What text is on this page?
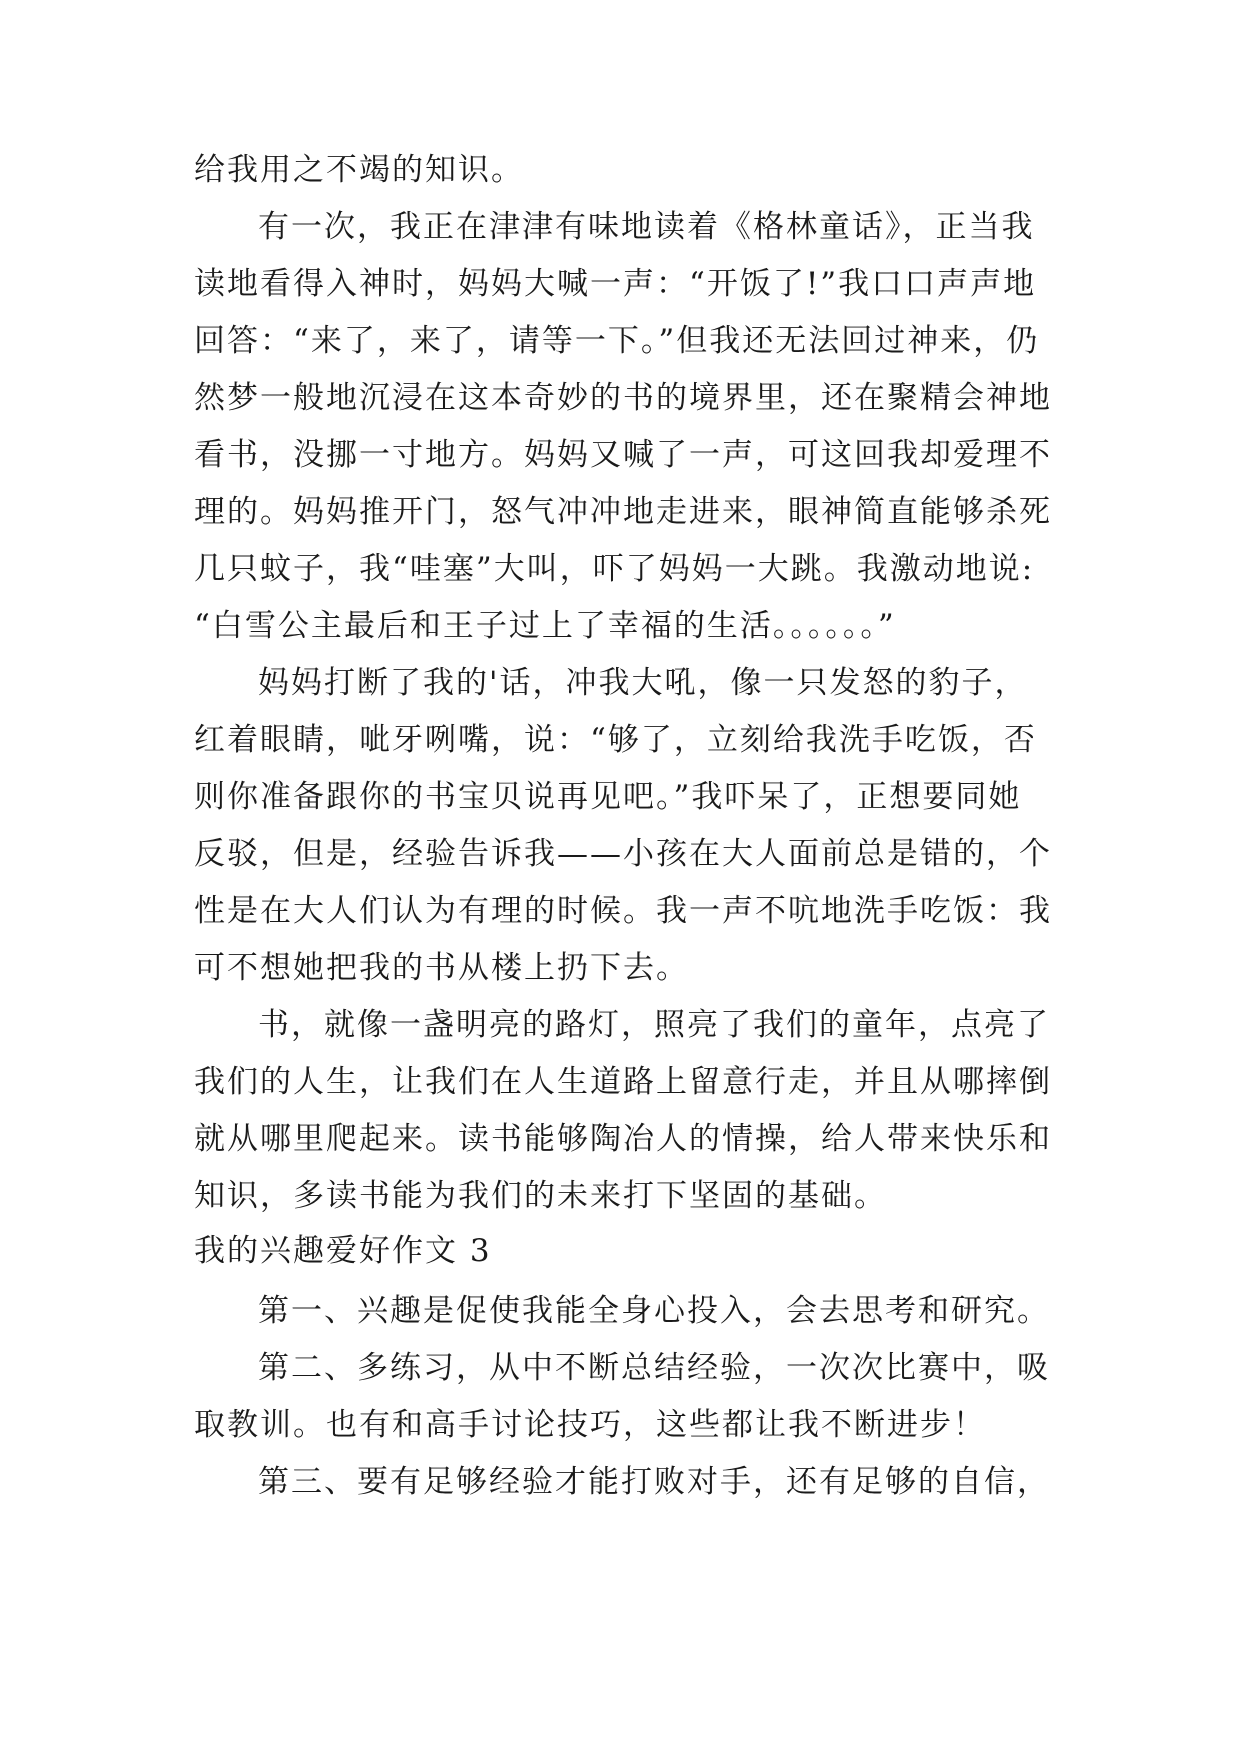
给我用之不竭的知识。
有一次，我正在津津有味地读着《格林童话》，正当我
读地看得入神时，妈妈大喊一声：“开饭了!”我口口声声地
回答：“来了，来了，请等一下。”但我还无法回过神来，仍
然梦一般地沉浸在这本奇妙的书的境界里，还在聚精会神地
看书，没挪一寸地方。妈妈又喊了一声，可这回我却爱理不
理的。妈妈推开门，怒气冲冲地走进来，眼神简直能够杀死
几只蚊子，我“哇塞”大叫，吓了妈妈一大跳。我激动地说:
“白雪公主最后和王子过上了幸福的生活。。。。。。”
妈妈打断了我的'话，冲我大吼，像一只发怒的豹子，
红着眼睛，呲牙咧嘴，说：“够了，立刻给我洗手吃饭，否
则你准备跟你的书宝贝说再见吧。”我吓呆了，正想要同她
反驳，但是，经验告诉我——小孩在大人面前总是错的，个
性是在大人们认为有理的时候。我一声不吭地洗手吃饭：我
可不想她把我的书从楼上扔下去。
书，就像一盏明亮的路灯，照亮了我们的童年，点亮了
我们的人生，让我们在人生道路上留意行走，并且从哪摔倒
就从哪里爬起来。读书能够陶冶人的情操，给人带来快乐和
知识，多读书能为我们的未来打下坚固的基础。
我的兴趣爱好作文 3
第一、兴趣是促使我能全身心投入，会去思考和研究。
第二、多练习，从中不断总结经验，一次次比赛中，吸
取教训。也有和高手讨论技巧，这些都让我不断进步！
第三、要有足够经验才能打败对手，还有足够的自信，
